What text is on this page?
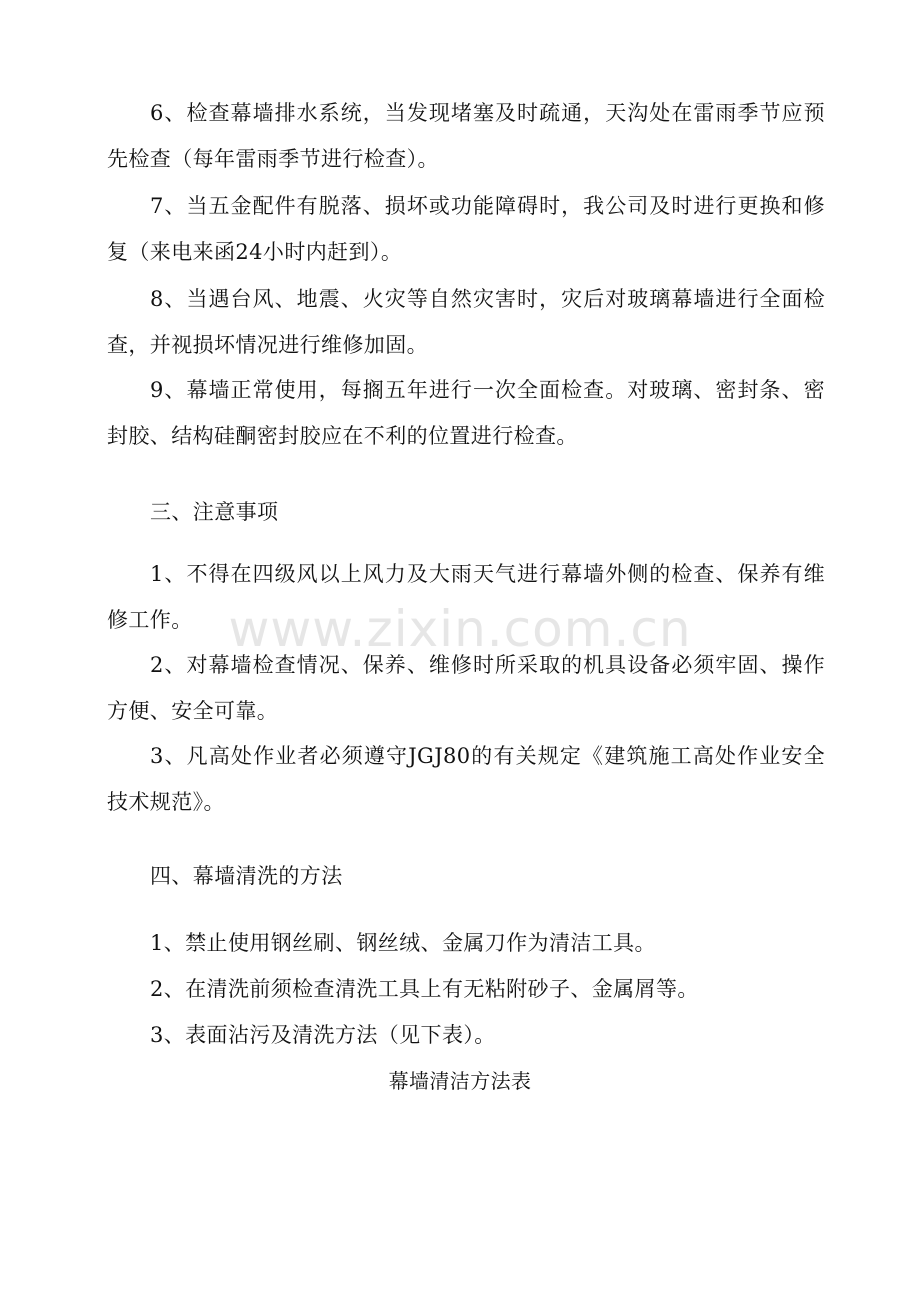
www.zixin.com.cn

6、检查幕墙排水系统，当发现堵塞及时疏通，天沟处在雷雨季节应预先检查（每年雷雨季节进行检查）。

7、当五金配件有脱落、损坏或功能障碍时，我公司及时进行更换和修复（来电来函24小时内赶到）。

8、当遇台风、地震、火灾等自然灾害时，灾后对玻璃幕墙进行全面检查，并视损坏情况进行维修加固。

9、幕墙正常使用，每搁五年进行一次全面检查。对玻璃、密封条、密封胶、结构硅酮密封胶应在不利的位置进行检查。

三、注意事项

1、不得在四级风以上风力及大雨天气进行幕墙外侧的检查、保养有维修工作。

2、对幕墙检查情况、保养、维修时所采取的机具设备必须牢固、操作方便、安全可靠。

3、凡高处作业者必须遵守JGJ80的有关规定《建筑施工高处作业安全技术规范》。

四、幕墙清洗的方法

1、禁止使用钢丝刷、钢丝绒、金属刀作为清洁工具。

2、在清洗前须检查清洗工具上有无粘附砂子、金属屑等。

3、表面沾污及清洗方法（见下表）。

幕墙清洁方法表
